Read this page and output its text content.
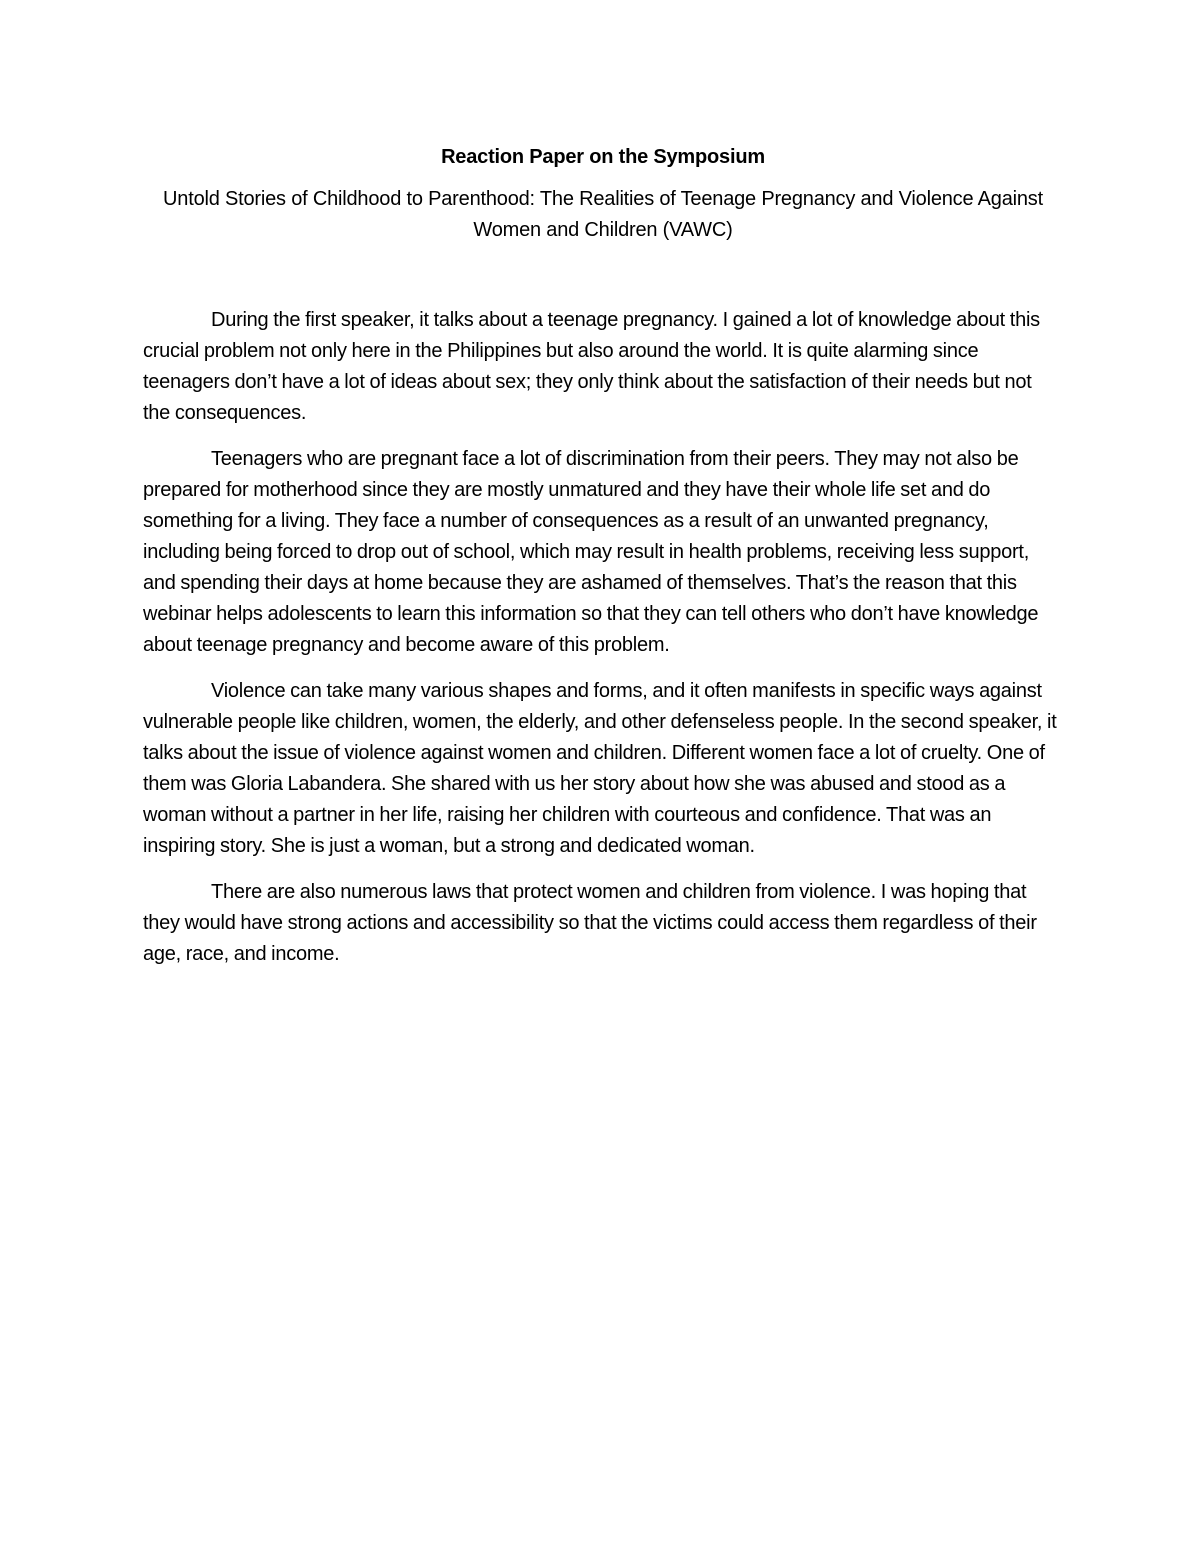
Reaction Paper on the Symposium
Untold Stories of Childhood to Parenthood: The Realities of Teenage Pregnancy and Violence Against Women and Children (VAWC)

During the first speaker, it talks about a teenage pregnancy. I gained a lot of knowledge about this crucial problem not only here in the Philippines but also around the world. It is quite alarming since teenagers don’t have a lot of ideas about sex; they only think about the satisfaction of their needs but not the consequences.

Teenagers who are pregnant face a lot of discrimination from their peers. They may not also be prepared for motherhood since they are mostly unmatured and they have their whole life set and do something for a living. They face a number of consequences as a result of an unwanted pregnancy, including being forced to drop out of school, which may result in health problems, receiving less support, and spending their days at home because they are ashamed of themselves. That’s the reason that this webinar helps adolescents to learn this information so that they can tell others who don’t have knowledge about teenage pregnancy and become aware of this problem.

Violence can take many various shapes and forms, and it often manifests in specific ways against vulnerable people like children, women, the elderly, and other defenseless people. In the second speaker, it talks about the issue of violence against women and children. Different women face a lot of cruelty. One of them was Gloria Labandera. She shared with us her story about how she was abused and stood as a woman without a partner in her life, raising her children with courteous and confidence. That was an inspiring story. She is just a woman, but a strong and dedicated woman.

There are also numerous laws that protect women and children from violence. I was hoping that they would have strong actions and accessibility so that the victims could access them regardless of their age, race, and income.
